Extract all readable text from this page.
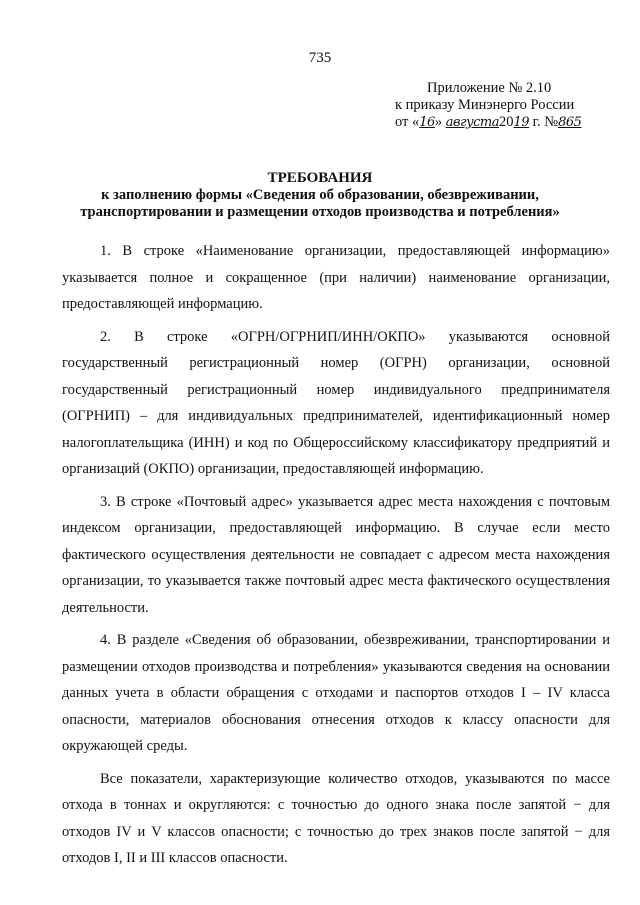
735
Приложение № 2.10
к приказу Минэнерго России
от «16» августа2019 г. №865
ТРЕБОВАНИЯ
к заполнению формы «Сведения об образовании, обезвреживании, транспортировании и размещении отходов производства и потребления»

1. В строке «Наименование организации, предоставляющей информацию» указывается полное и сокращенное (при наличии) наименование организации, предоставляющей информацию.

2. В строке «ОГРН/ОГРНИП/ИНН/ОКПО» указываются основной государственный регистрационный номер (ОГРН) организации, основной государственный регистрационный номер индивидуального предпринимателя (ОГРНИП) – для индивидуальных предпринимателей, идентификационный номер налогоплательщика (ИНН) и код по Общероссийскому классификатору предприятий и организаций (ОКПО) организации, предоставляющей информацию.

3. В строке «Почтовый адрес» указывается адрес места нахождения с почтовым индексом организации, предоставляющей информацию. В случае если место фактического осуществления деятельности не совпадает с адресом места нахождения организации, то указывается также почтовый адрес места фактического осуществления деятельности.

4. В разделе «Сведения об образовании, обезвреживании, транспортировании и размещении отходов производства и потребления» указываются сведения на основании данных учета в области обращения с отходами и паспортов отходов I – IV класса опасности, материалов обоснования отнесения отходов к классу опасности для окружающей среды.

Все показатели, характеризующие количество отходов, указываются по массе отхода в тоннах и округляются: с точностью до одного знака после запятой − для отходов IV и V классов опасности; с точностью до трех знаков после запятой − для отходов I, II и III классов опасности.
